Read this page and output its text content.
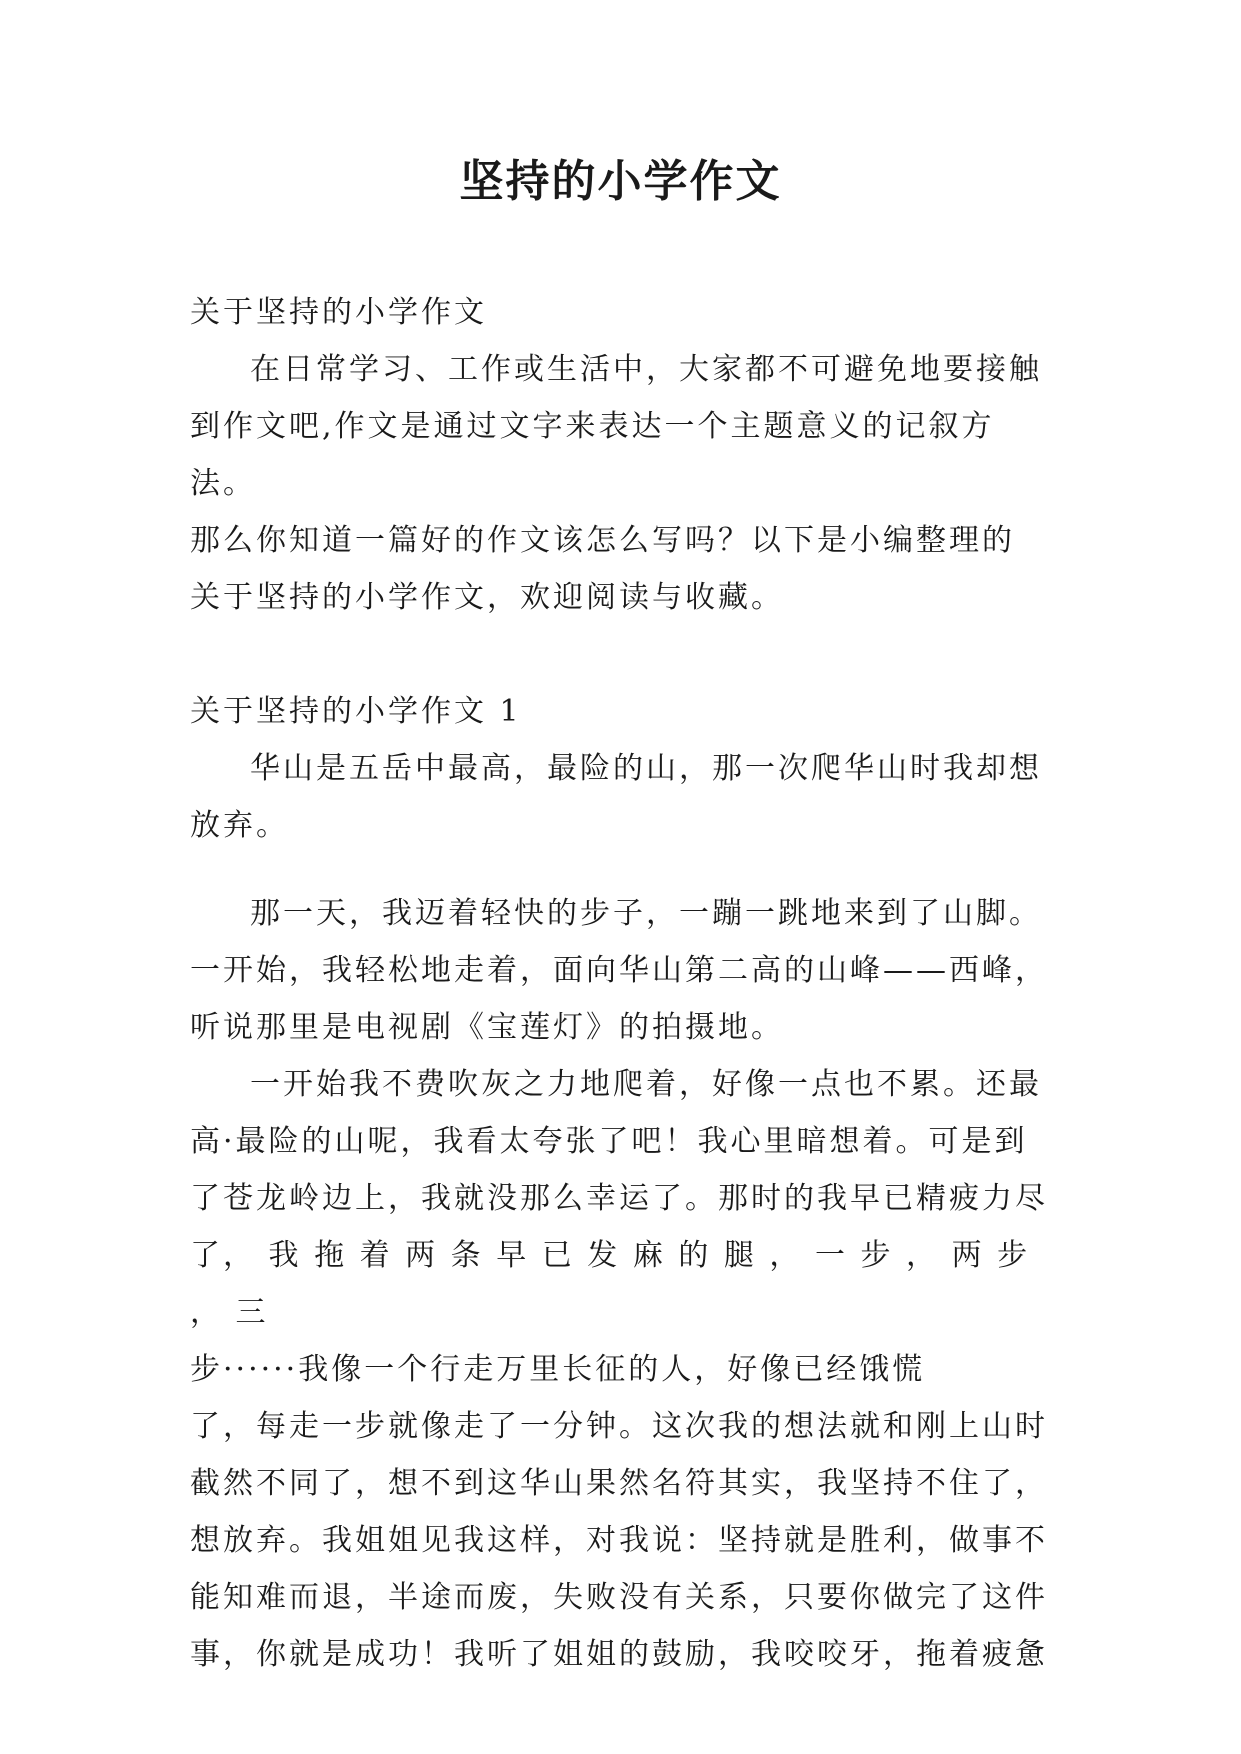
坚持的小学作文

关于坚持的小学作文

在日常学习、工作或生活中，大家都不可避免地要接触

到作文吧,作文是通过文字来表达一个主题意义的记叙方法。

那么你知道一篇好的作文该怎么写吗？以下是小编整理的

关于坚持的小学作文，欢迎阅读与收藏。

关于坚持的小学作文 1

华山是五岳中最高，最险的山，那一次爬华山时我却想

放弃。

那一天，我迈着轻快的步子，一蹦一跳地来到了山脚。

一开始，我轻松地走着，面向华山第二高的山峰——西峰，

听说那里是电视剧《宝莲灯》的拍摄地。

一开始我不费吹灰之力地爬着，好像一点也不累。还最

高·最险的山呢，我看太夸张了吧！我心里暗想着。可是到

了苍龙岭边上，我就没那么幸运了。那时的我早已精疲力尽

了， 我 拖 着 两 条 早 已 发 麻 的 腿 ， 一 步 ， 两 步 ， 三

步······我像一个行走万里长征的人，好像已经饿慌

了，每走一步就像走了一分钟。这次我的想法就和刚上山时

截然不同了，想不到这华山果然名符其实，我坚持不住了，

想放弃。我姐姐见我这样，对我说：坚持就是胜利，做事不

能知难而退，半途而废，失败没有关系，只要你做完了这件

事，你就是成功！我听了姐姐的鼓励，我咬咬牙，拖着疲惫
